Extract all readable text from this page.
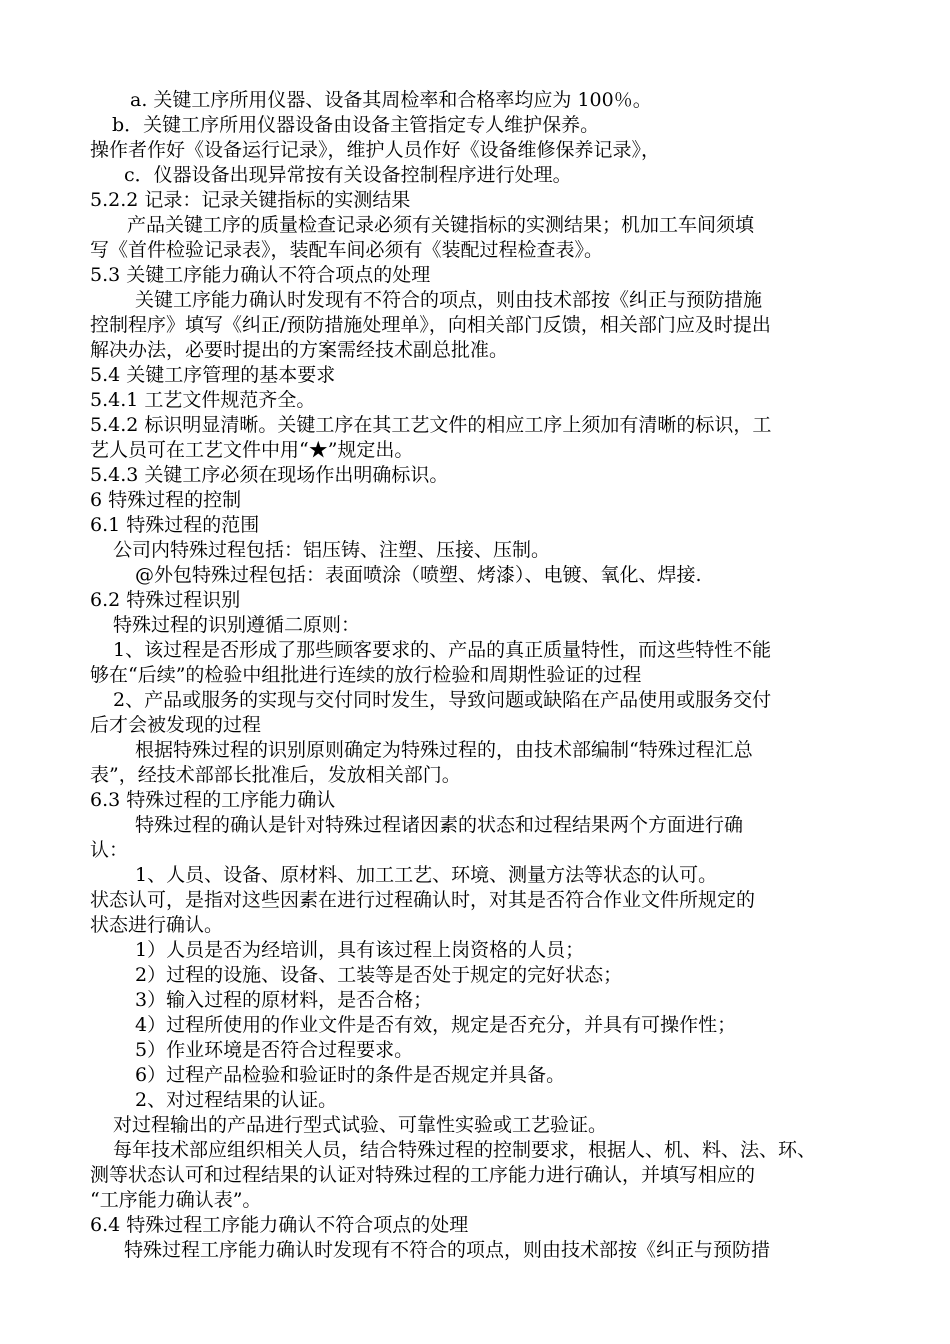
a. 关键工序所用仪器、设备其周检率和合格率均应为 100％。
b．关键工序所用仪器设备由设备主管指定专人维护保养。
操作者作好《设备运行记录》，维护人员作好《设备维修保养记录》，
c．仪器设备出现异常按有关设备控制程序进行处理。
5.2.2 记录：记录关键指标的实测结果
产品关键工序的质量检查记录必须有关键指标的实测结果；机加工车间须填
写《首件检验记录表》，装配车间必须有《装配过程检查表》。
5.3 关键工序能力确认不符合项点的处理
关键工序能力确认时发现有不符合的项点，则由技术部按《纠正与预防措施
控制程序》填写《纠正/预防措施处理单》，向相关部门反馈，相关部门应及时提出
解决办法，必要时提出的方案需经技术副总批准。
5.4 关键工序管理的基本要求
5.4.1 工艺文件规范齐全。
5.4.2 标识明显清晰。关键工序在其工艺文件的相应工序上须加有清晰的标识，工
艺人员可在工艺文件中用“★”规定出。
5.4.3 关键工序必须在现场作出明确标识。
6 特殊过程的控制
6.1 特殊过程的范围
公司内特殊过程包括：铝压铸、注塑、压接、压制。
@外包特殊过程包括：表面喷涂（喷塑、烤漆）、电镀、氧化、焊接.
6.2 特殊过程识别
特殊过程的识别遵循二原则：
1、该过程是否形成了那些顾客要求的、产品的真正质量特性，而这些特性不能
够在“后续”的检验中组批进行连续的放行检验和周期性验证的过程
2、产品或服务的实现与交付同时发生，导致问题或缺陷在产品使用或服务交付
后才会被发现的过程
根据特殊过程的识别原则确定为特殊过程的，由技术部编制“特殊过程汇总
表”，经技术部部长批准后，发放相关部门。
6.3 特殊过程的工序能力确认
特殊过程的确认是针对特殊过程诸因素的状态和过程结果两个方面进行确
认：
1、人员、设备、原材料、加工工艺、环境、测量方法等状态的认可。
状态认可，是指对这些因素在进行过程确认时，对其是否符合作业文件所规定的
状态进行确认。
1）人员是否为经培训，具有该过程上岗资格的人员；
2）过程的设施、设备、工装等是否处于规定的完好状态；
3）输入过程的原材料，是否合格；
4）过程所使用的作业文件是否有效，规定是否充分，并具有可操作性；
5）作业环境是否符合过程要求。
6）过程产品检验和验证时的条件是否规定并具备。
2、对过程结果的认证。
对过程输出的产品进行型式试验、可靠性实验或工艺验证。
每年技术部应组织相关人员，结合特殊过程的控制要求，根据人、机、料、法、环、
测等状态认可和过程结果的认证对特殊过程的工序能力进行确认，并填写相应的
“工序能力确认表”。
6.4 特殊过程工序能力确认不符合项点的处理
特殊过程工序能力确认时发现有不符合的项点，则由技术部按《纠正与预防措
